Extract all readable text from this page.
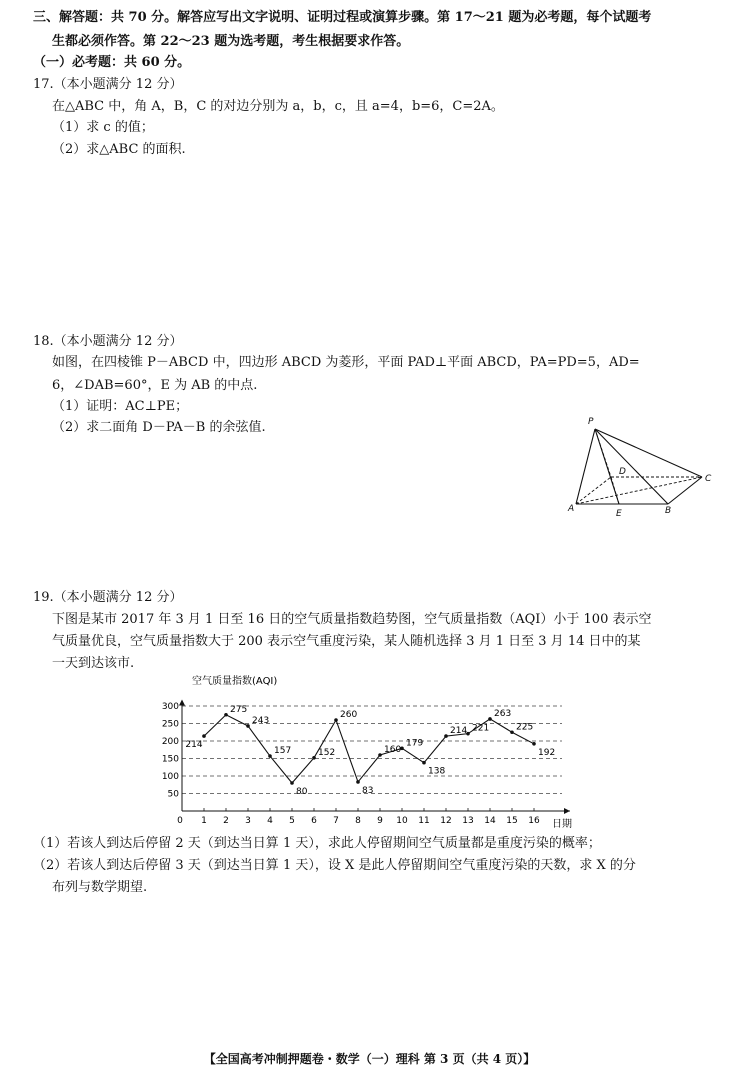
三、解答题：共 70 分。解答应写出文字说明、证明过程或演算步骤。第 17～21 题为必考题，每个试题考
生都必须作答。第 22～23 题为选考题，考生根据要求作答。
（一）必考题：共 60 分。
17.（本小题满分 12 分）
在△ABC 中，角 A，B，C 的对边分别为 a，b，c，且 a=4，b=6，C=2A。
（1）求 c 的值；
（2）求△ABC 的面积.
18.（本小题满分 12 分）
如图，在四棱锥 P－ABCD 中，四边形 ABCD 为菱形，平面 PAD⊥平面 ABCD，PA=PD=5，AD=
6，∠DAB=60°，E 为 AB 的中点.
（1）证明：AC⊥PE；
（2）求二面角 D－PA－B 的余弦值.	P
D
C
A	E	B
19.（本小题满分 12 分）
下图是某市 2017 年 3 月 1 日至 16 日的空气质量指数趋势图，空气质量指数（AQI）小于 100 表示空
气质量优良，空气质量指数大于 200 表示空气重度污染，某人随机选择 3 月 1 日至 3 月 14 日中的某
一天到达该市.
50
100
150
200
250
300
0 1 2 3 4 5 6 7 8 9 10 11 12 13 14 15 16
214
275
243
157
80
152
260
83
160
179
138
214 221
263
225
192
空气质量指数(AQI)
日期
（1）若该人到达后停留 2 天（到达当日算 1 天），求此人停留期间空气质量都是重度污染的概率；
（2）若该人到达后停留 3 天（到达当日算 1 天），设 X 是此人停留期间空气重度污染的天数，求 X 的分
布列与数学期望.
【全国高考冲制押题卷・数学（一）理科 第 3 页（共 4 页）】
